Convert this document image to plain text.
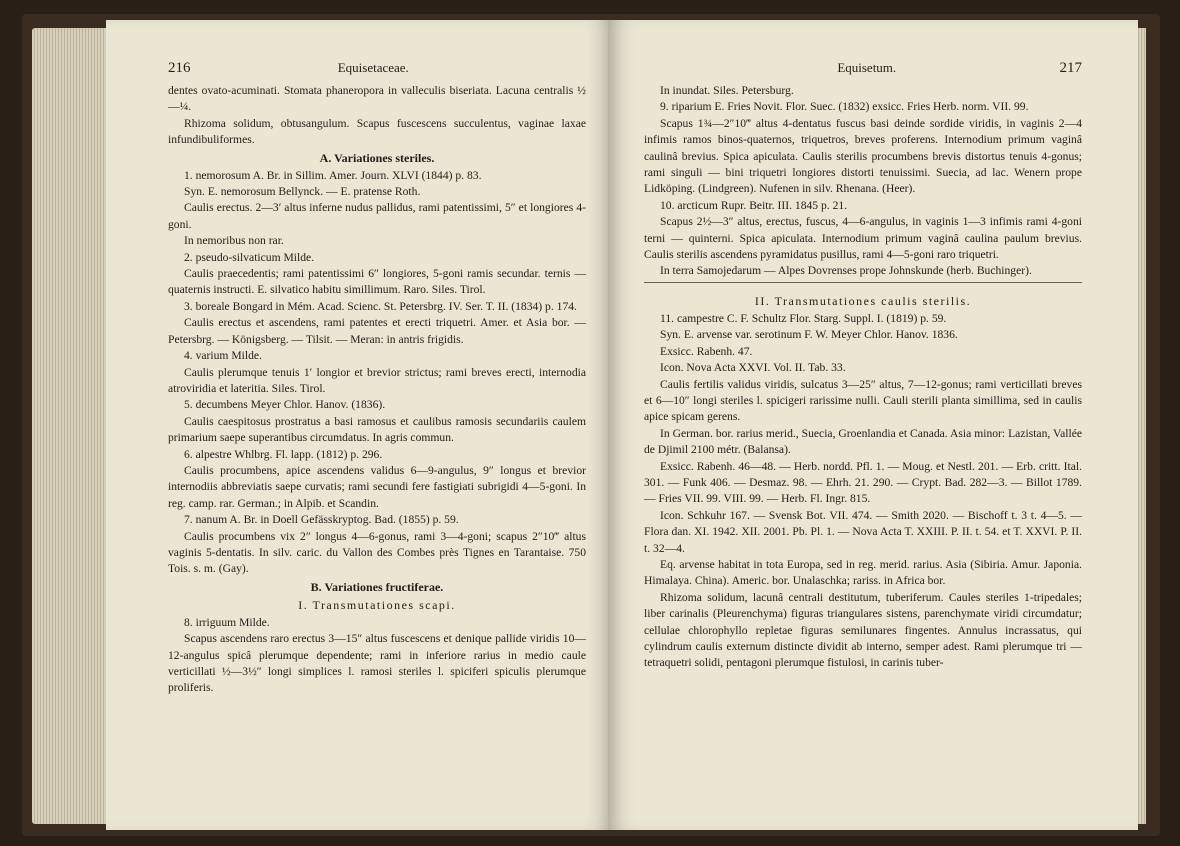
216	Equisetaceae.

dentes ovato-acuminati. Stomata phaneropora in valleculis biseriata. Lacuna centralis ½—¼.

Rhizoma solidum, obtusangulum. Scapus fuscescens succulentus, vaginae laxae infundibuliformes.

A. Variationes steriles.

1. nemorosum A. Br. in Sillim. Amer. Journ. XLVI (1844) p. 83.

Syn. E. nemorosum Bellynck. — E. pratense Roth.

Caulis erectus. 2—3′ altus inferne nudus pallidus, rami patentissimi, 5″ et longiores 4-goni.

In nemoribus non rar.

2. pseudo-silvaticum Milde.

Caulis praecedentis; rami patentissimi 6″ longiores, 5-goni ramis secundar. ternis — quaternis instructi. E. silvatico habitu simillimum. Raro. Siles. Tirol.

3. boreale Bongard in Mém. Acad. Scienc. St. Petersbrg. IV. Ser. T. II. (1834) p. 174.

Caulis erectus et ascendens, rami patentes et erecti triquetri. Amer. et Asia bor. — Petersbrg. — Königsberg. — Tilsit. — Meran: in antris frigidis.

4. varium Milde.

Caulis plerumque tenuis 1′ longior et brevior strictus; rami breves erecti, internodia atroviridia et lateritia. Siles. Tirol.

5. decumbens Meyer Chlor. Hanov. (1836).

Caulis caespitosus prostratus a basi ramosus et caulibus ramosis secundariis caulem primarium saepe superantibus circumdatus. In agris commun.

6. alpestre Whlbrg. Fl. lapp. (1812) p. 296.

Caulis procumbens, apice ascendens validus 6—9-angulus, 9″ longus et brevior internodiis abbreviatis saepe curvatis; rami secundi fere fastigiati subrigidi 4—5-goni. In reg. camp. rar. German.; in Alpib. et Scandin.

7. nanum A. Br. in Doell Gefässkryptog. Bad. (1855) p. 59.

Caulis procumbens vix 2″ longus 4—6-gonus, rami 3—4-goni; scapus 2″10‴ altus vaginis 5-dentatis. In silv. caric. du Vallon des Combes près Tignes en Tarantaise. 750 Tois. s. m. (Gay).

B. Variationes fructiferae.

I. Transmutationes scapi.

8. irriguum Milde.

Scapus ascendens raro erectus 3—15″ altus fuscescens et denique pallide viridis 10—12-angulus spicâ plerumque dependente; rami in inferiore rarius in medio caule verticillati ½—3½″ longi simplices l. ramosi steriles l. spiciferi spiculis plerumque proliferis.

Equisetum.	217

In inundat. Siles. Petersburg.

9. riparium E. Fries Novit. Flor. Suec. (1832) exsicc. Fries Herb. norm. VII. 99.

Scapus 1¾—2″10‴ altus 4-dentatus fuscus basi deinde sordide viridis, in vaginis 2—4 infimis ramos binos-quaternos, triquetros, breves proferens. Internodium primum vaginâ caulinâ brevius. Spica apiculata. Caulis sterilis procumbens brevis distortus tenuis 4-gonus; rami singuli — bini triquetri longiores distorti tenuissimi. Suecia, ad lac. Wenern prope Lidköping. (Lindgreen). Nufenen in silv. Rhenana. (Heer).

10. arcticum Rupr. Beitr. III. 1845 p. 21.

Scapus 2½—3″ altus, erectus, fuscus, 4—6-angulus, in vaginis 1—3 infimis rami 4-goni terni — quinterni. Spica apiculata. Internodium primum vaginâ caulina paulum brevius. Caulis sterilis ascendens pyramidatus pusillus, rami 4—5-goni raro triquetri.

In terra Samojedarum — Alpes Dovrenses prope Johnskunde (herb. Buchinger).

II. Transmutationes caulis sterilis.

11. campestre C. F. Schultz Flor. Starg. Suppl. I. (1819) p. 59.

Syn. E. arvense var. serotinum F. W. Meyer Chlor. Hanov. 1836.

Exsicc. Rabenh. 47.

Icon. Nova Acta XXVI. Vol. II. Tab. 33.

Caulis fertilis validus viridis, sulcatus 3—25″ altus, 7—12-gonus; rami verticillati breves et 6—10″ longi steriles l. spicigeri rarissime nulli. Cauli sterili planta simillima, sed in caulis apice spicam gerens.

In German. bor. rarius merid., Suecia, Groenlandia et Canada. Asia minor: Lazistan, Vallée de Djimil 2100 métr. (Balansa).

Exsicc. Rabenh. 46—48. — Herb. nordd. Pfl. 1. — Moug. et Nestl. 201. — Erb. critt. Ital. 301. — Funk 406. — Desmaz. 98. — Ehrh. 21. 290. — Crypt. Bad. 282—3. — Billot 1789. — Fries VII. 99. VIII. 99. — Herb. Fl. Ingr. 815.

Icon. Schkuhr 167. — Svensk Bot. VII. 474. — Smith 2020. — Bischoff t. 3 t. 4—5. — Flora dan. XI. 1942. XII. 2001. Pb. Pl. 1. — Nova Acta T. XXIII. P. II. t. 54. et T. XXVI. P. II. t. 32—4.

Eq. arvense habitat in tota Europa, sed in reg. merid. rarius. Asia (Sibiria. Amur. Japonia. Himalaya. China). Americ. bor. Unalaschka; rariss. in Africa bor.

Rhizoma solidum, lacunâ centrali destitutum, tuberiferum. Caules steriles 1-tripedales; liber carinalis (Pleurenchyma) figuras triangulares sistens, parenchymate viridi circumdatur; cellulae chlorophyllo repletae figuras semilunares fingentes. Annulus incrassatus, qui cylindrum caulis externum distincte dividit ab interno, semper adest. Rami plerumque tri — tetraquetri solidi, pentagoni plerumque fistulosi, in carinis tuber-
